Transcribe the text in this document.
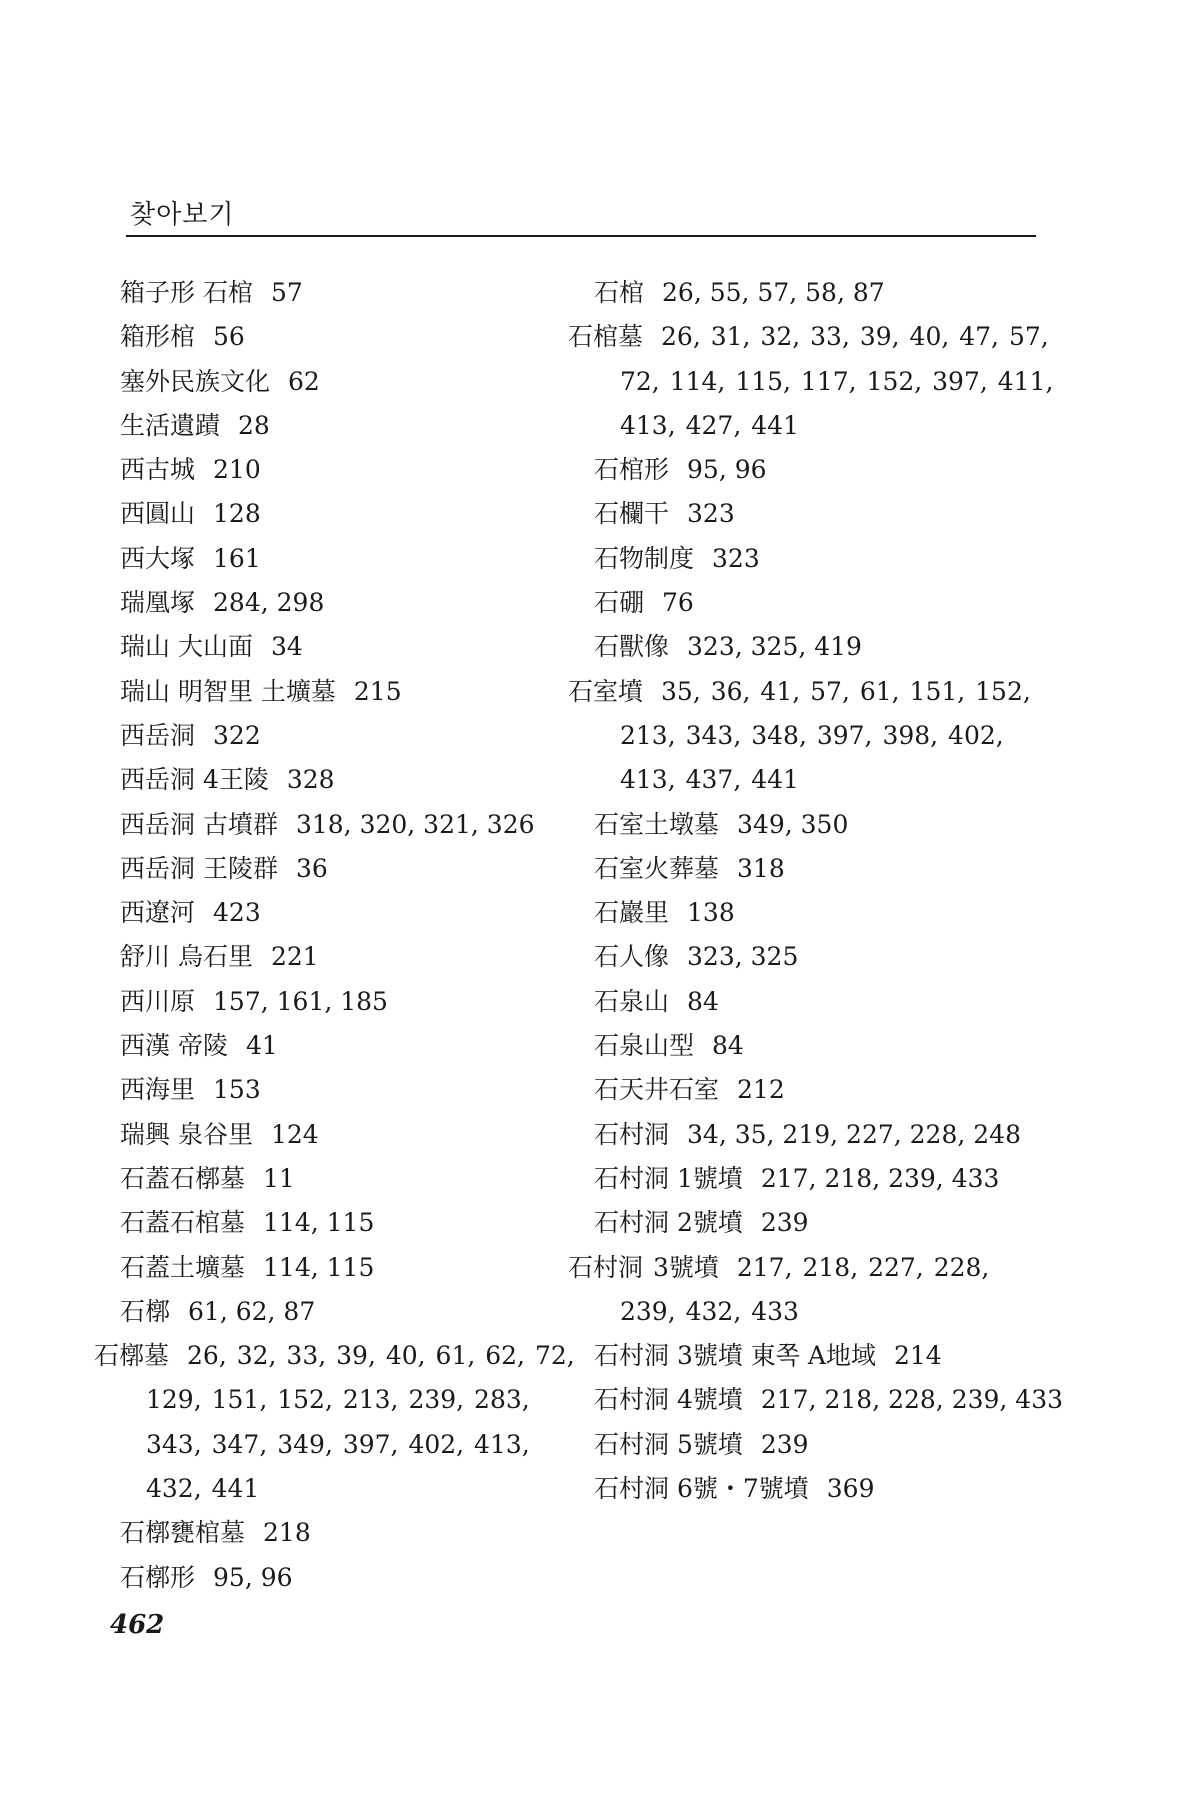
찾아보기

箱子形 石棺 57

箱形棺 56

塞外民族文化 62

生活遺蹟 28

西古城 210

西圓山 128

西大塚 161

瑞凰塚 284, 298

瑞山 大山面 34

瑞山 明智里 土壙墓 215

西岳洞 322

西岳洞 4王陵 328

西岳洞 古墳群 318, 320, 321, 326

西岳洞 王陵群 36

西遼河 423

舒川 烏石里 221

西川原 157, 161, 185

西漢 帝陵 41

西海里 153

瑞興 泉谷里 124

石蓋石槨墓 11

石蓋石棺墓 114, 115

石蓋土壙墓 114, 115

石槨 61, 62, 87

石槨墓 26, 32, 33, 39, 40, 61, 62, 72, 129, 151, 152, 213, 239, 283, 343, 347, 349, 397, 402, 413, 432, 441

石槨甕棺墓 218

石槨形 95, 96

石棺 26, 55, 57, 58, 87

石棺墓 26, 31, 32, 33, 39, 40, 47, 57, 72, 114, 115, 117, 152, 397, 411, 413, 427, 441

石棺形 95, 96

石欄干 323

石物制度 323

石硼 76

石獸像 323, 325, 419

石室墳 35, 36, 41, 57, 61, 151, 152, 213, 343, 348, 397, 398, 402, 413, 437, 441

石室土墩墓 349, 350

石室火葬墓 318

石巖里 138

石人像 323, 325

石泉山 84

石泉山型 84

石天井石室 212

石村洞 34, 35, 219, 227, 228, 248

石村洞 1號墳 217, 218, 239, 433

石村洞 2號墳 239

石村洞 3號墳 217, 218, 227, 228, 239, 432, 433

石村洞 3號墳 東쪽 A地域 214

石村洞 4號墳 217, 218, 228, 239, 433

石村洞 5號墳 239

石村洞 6號・7號墳 369

462
